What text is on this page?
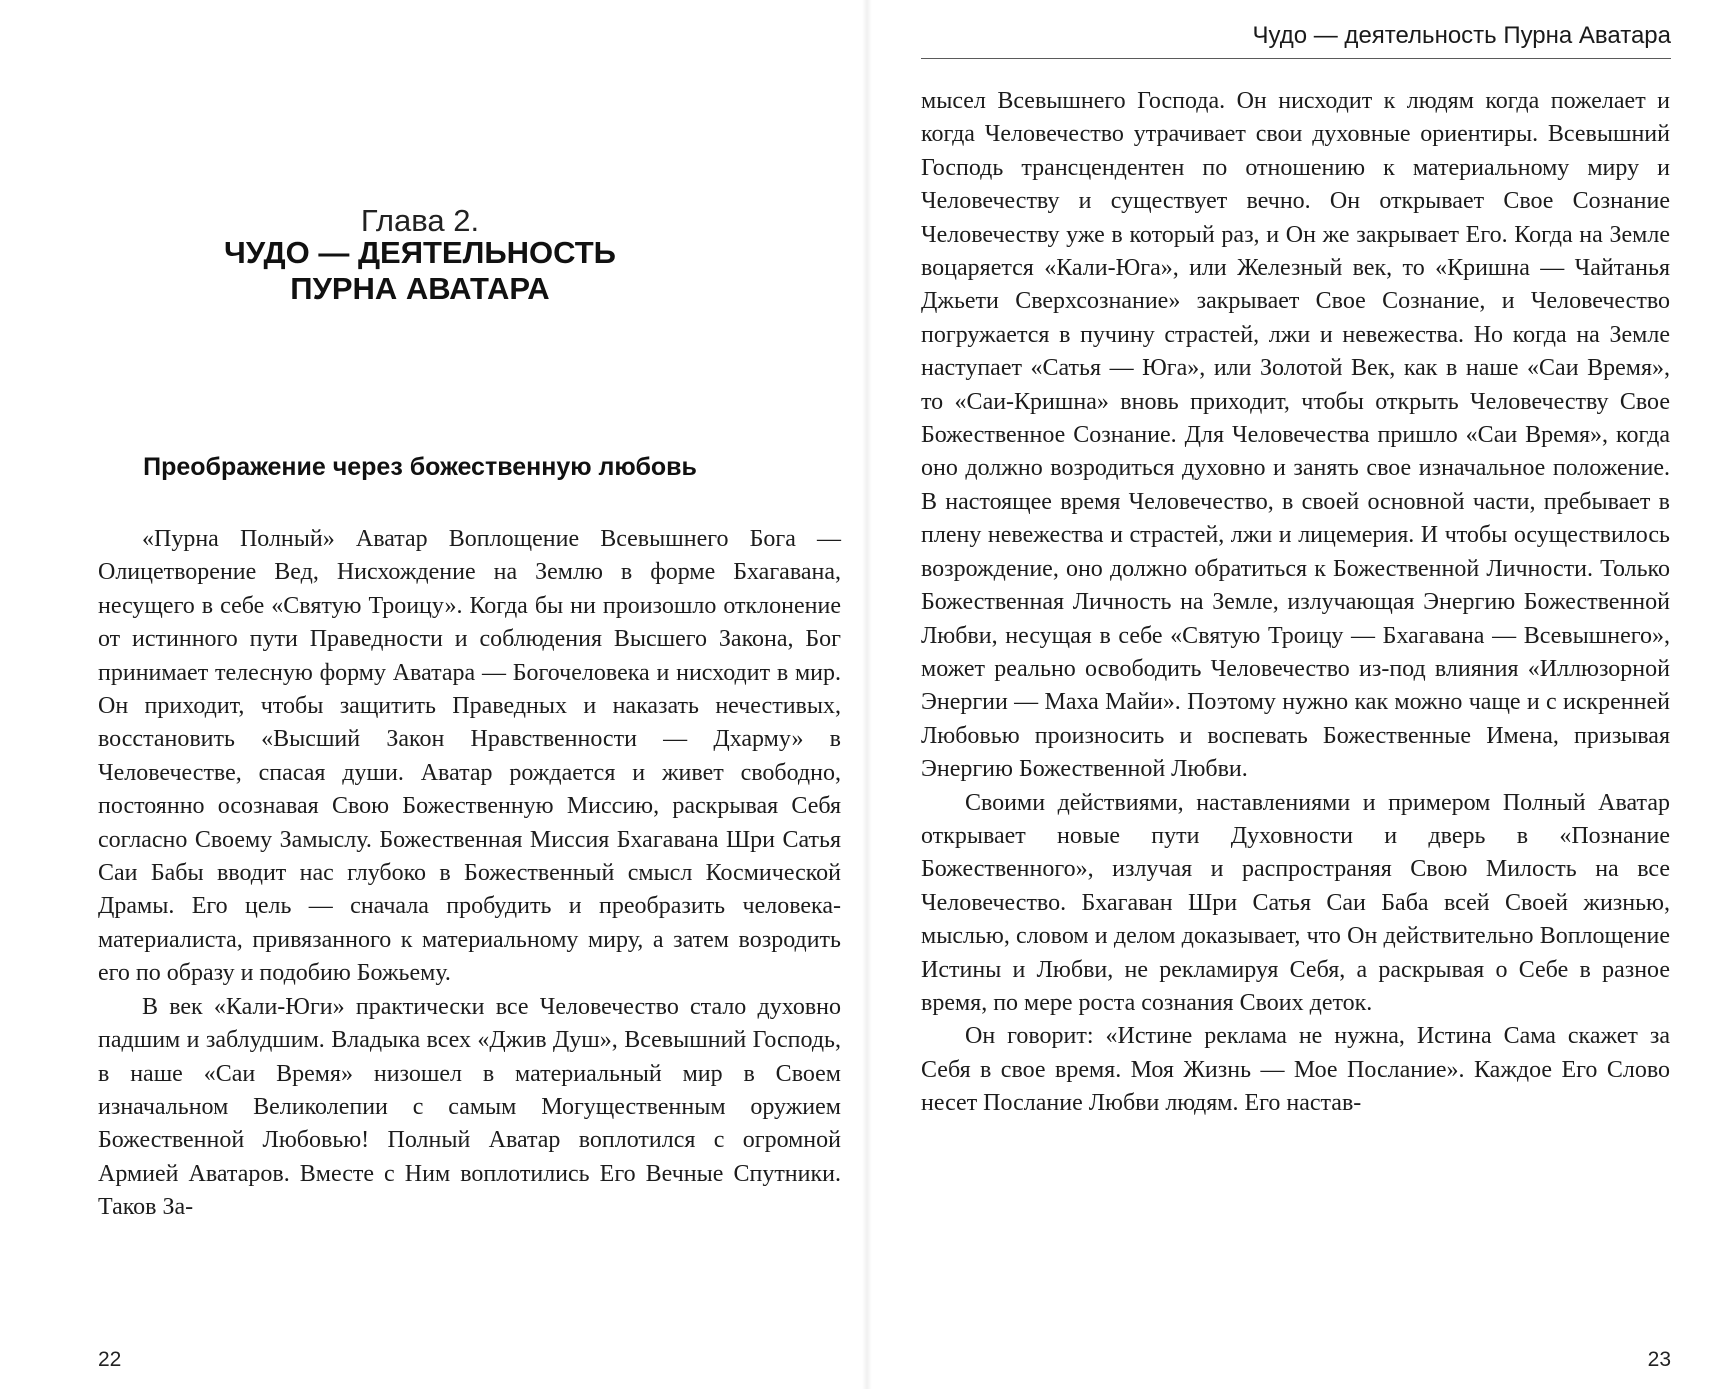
Глава 2.
ЧУДО — ДЕЯТЕЛЬНОСТЬ
ПУРНА АВАТАРА
Преображение через божественную любовь

«Пурна Полный» Аватар Воплощение Всевышнего Бога — Олицетворение Вед, Нисхождение на Землю в форме Бхагавана, несущего в себе «Святую Троицу». Когда бы ни произошло отклонение от истинного пути Праведности и соблюдения Высшего Закона, Бог принимает телесную форму Аватара — Богочеловека и нисходит в мир. Он приходит, чтобы защитить Праведных и наказать нечестивых, восстановить «Высший Закон Нравственности — Дхарму» в Человечестве, спасая души. Аватар рождается и живет свободно, постоянно осознавая Свою Божественную Миссию, раскрывая Себя согласно Своему Замыслу. Божественная Миссия Бхагавана Шри Сатья Саи Бабы вводит нас глубоко в Божественный смысл Космической Драмы. Его цель — сначала пробудить и преобразить человека-материалиста, привязанного к материальному миру, а затем возродить его по образу и подобию Божьему.

В век «Кали-Юги» практически все Человечество стало духовно падшим и заблудшим. Владыка всех «Джив Душ», Всевышний Господь, в наше «Саи Время» низошел в материальный мир в Своем изначальном Великолепии с самым Могущественным оружием Божественной Любовью! Полный Аватар воплотился с огромной Армией Аватаров. Вместе с Ним воплотились Его Вечные Спутники. Таков За-

22
Чудо — деятельность Пурна Аватара

мысел Всевышнего Господа. Он нисходит к людям когда пожелает и когда Человечество утрачивает свои духовные ориентиры. Всевышний Господь трансцендентен по отношению к материальному миру и Человечеству и существует вечно. Он открывает Свое Сознание Человечеству уже в который раз, и Он же закрывает Его. Когда на Земле воцаряется «Кали-Юга», или Железный век, то «Кришна — Чайтанья Джьети Сверхсознание» закрывает Свое Сознание, и Человечество погружается в пучину страстей, лжи и невежества. Но когда на Земле наступает «Сатья — Юга», или Золотой Век, как в наше «Саи Время», то «Саи-Кришна» вновь приходит, чтобы открыть Человечеству Свое Божественное Сознание. Для Человечества пришло «Саи Время», когда оно должно возродиться духовно и занять свое изначальное положение. В настоящее время Человечество, в своей основной части, пребывает в плену невежества и страстей, лжи и лицемерия. И чтобы осуществилось возрождение, оно должно обратиться к Божественной Личности. Только Божественная Личность на Земле, излучающая Энергию Божественной Любви, несущая в себе «Святую Троицу — Бхагавана — Всевышнего», может реально освободить Человечество из-под влияния «Иллюзорной Энергии — Маха Майи». Поэтому нужно как можно чаще и с искренней Любовью произносить и воспевать Божественные Имена, призывая Энергию Божественной Любви.

Своими действиями, наставлениями и примером Полный Аватар открывает новые пути Духовности и дверь в «Познание Божественного», излучая и распространяя Свою Милость на все Человечество. Бхагаван Шри Сатья Саи Баба всей Своей жизнью, мыслью, словом и делом доказывает, что Он действительно Воплощение Истины и Любви, не рекламируя Себя, а раскрывая о Себе в разное время, по мере роста сознания Своих деток.

Он говорит: «Истине реклама не нужна, Истина Сама скажет за Себя в свое время. Моя Жизнь — Мое Послание». Каждое Его Слово несет Послание Любви людям. Его настав-

23
